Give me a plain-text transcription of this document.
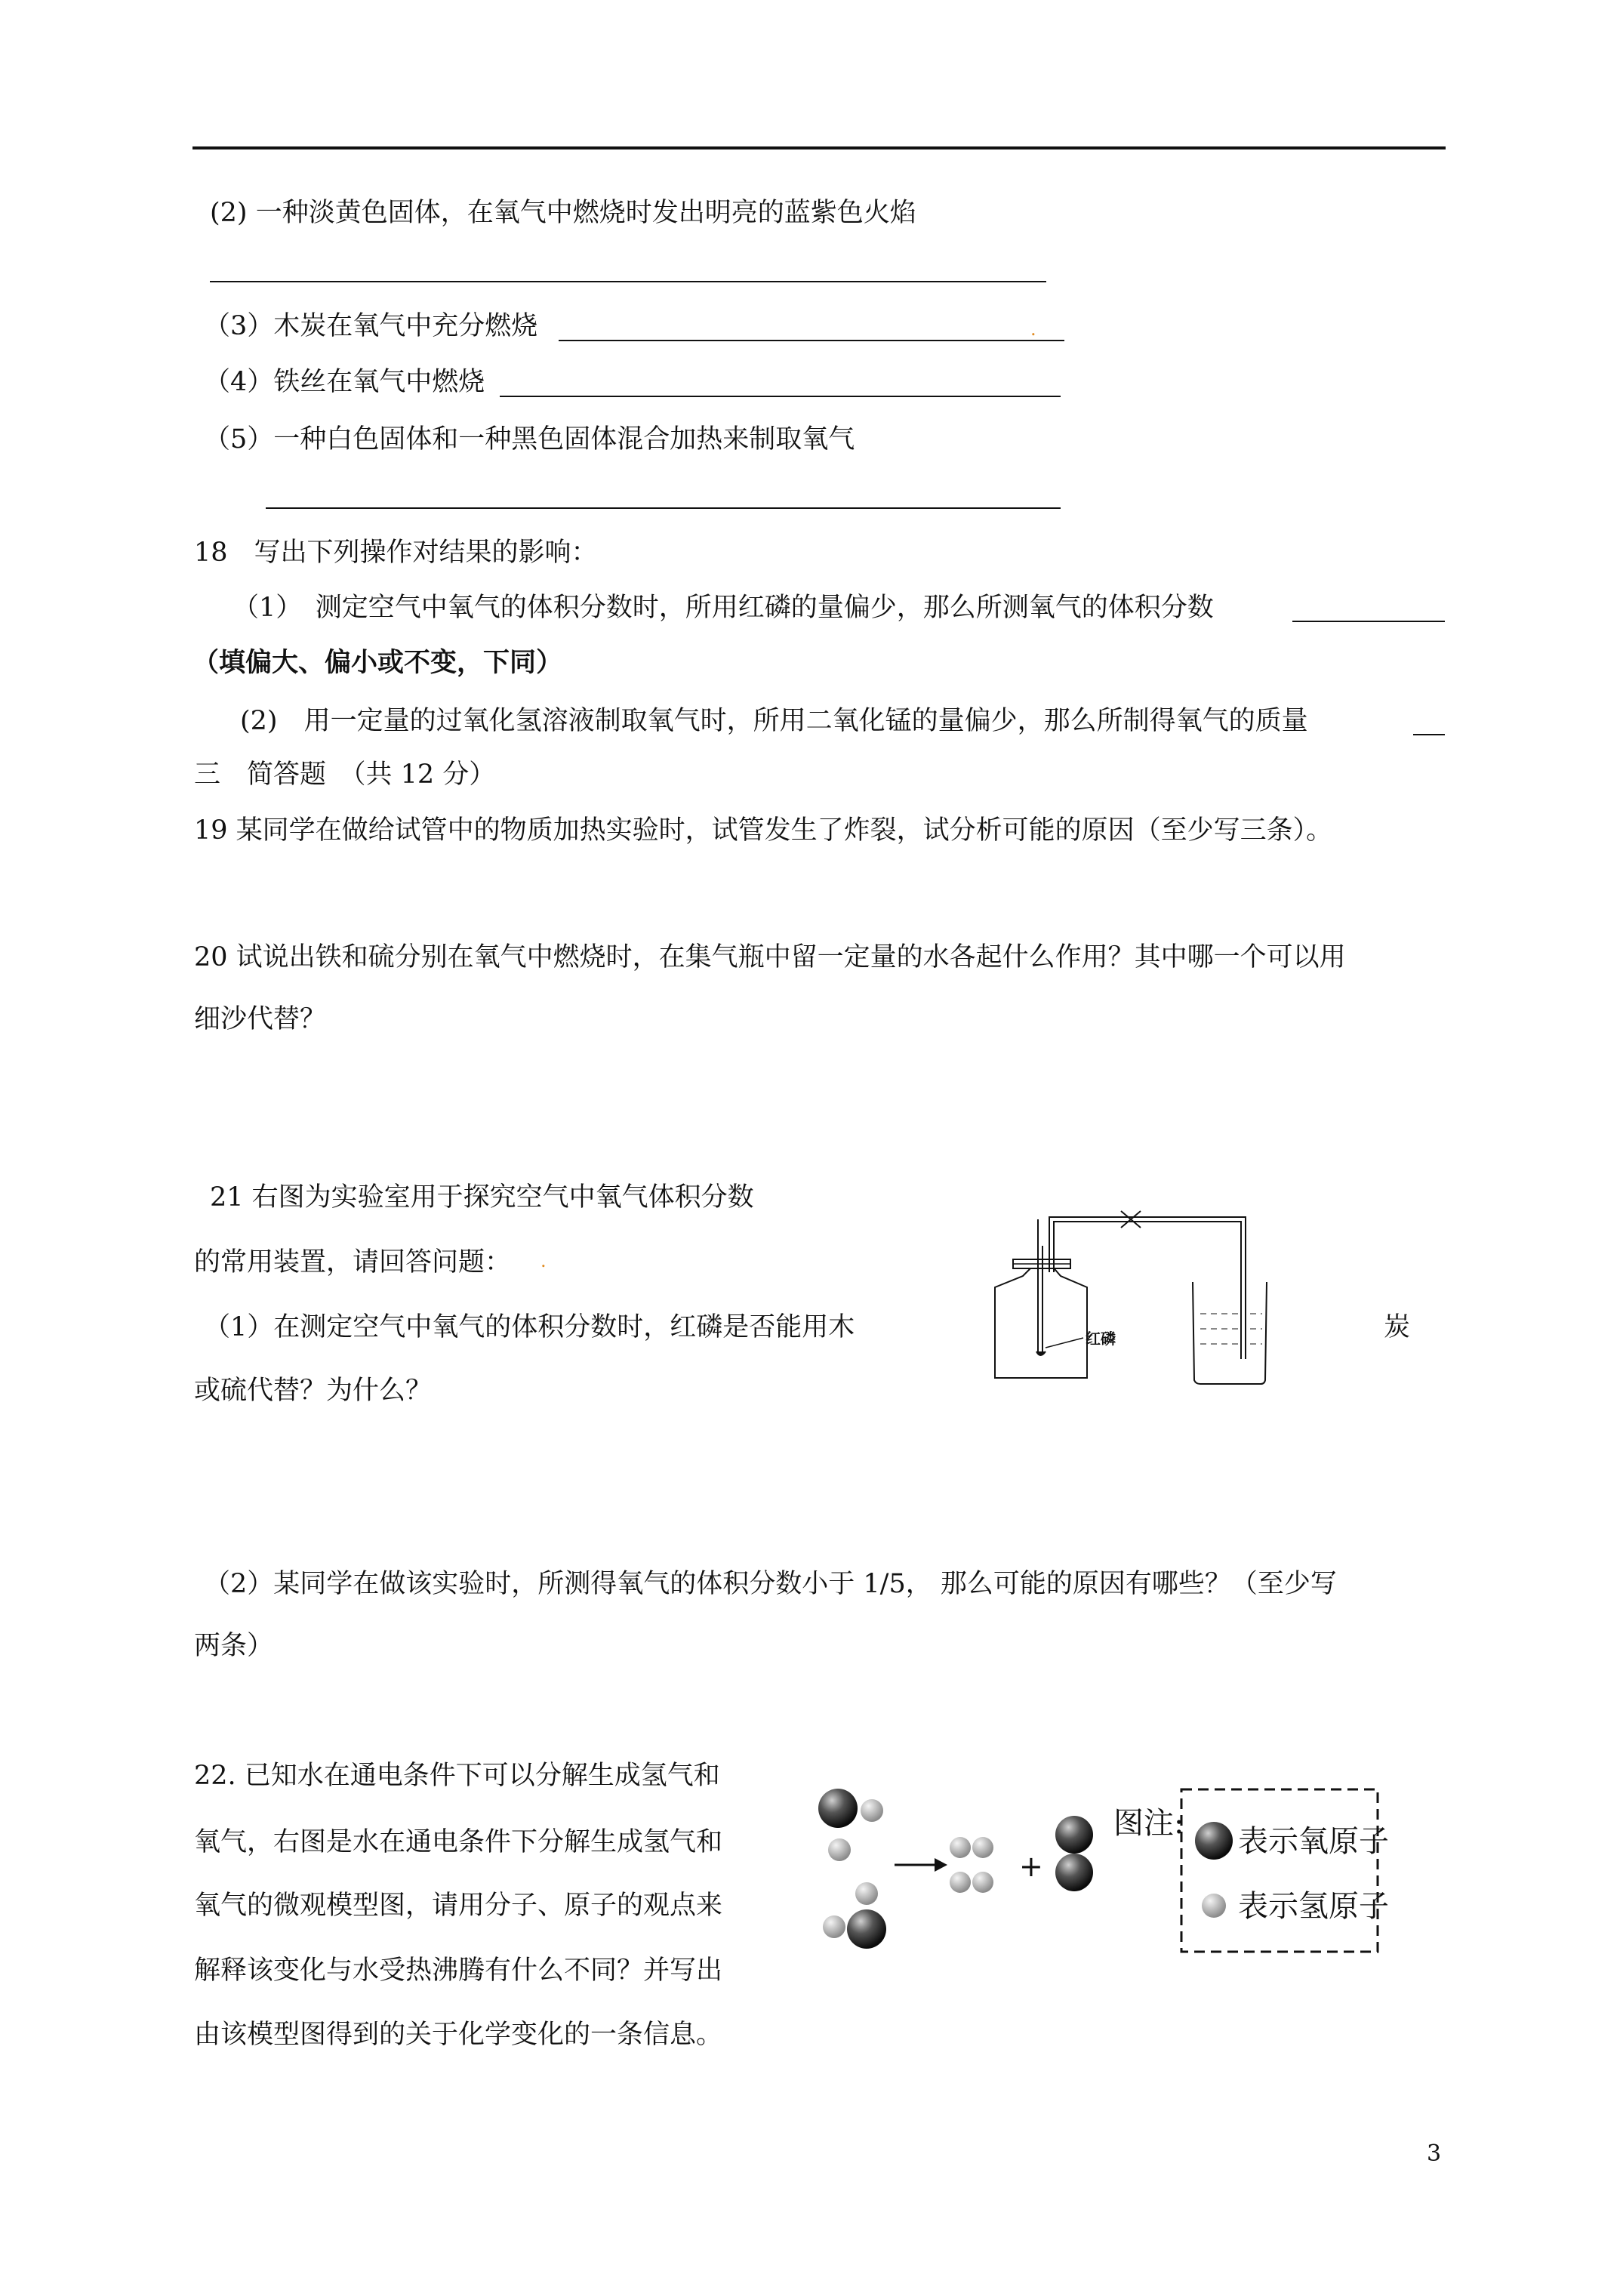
(2) 一种淡黄色固体，在氧气中燃烧时发出明亮的蓝紫色火焰
（3）木炭在氧气中充分燃烧	.
（4）铁丝在氧气中燃烧
（5）一种白色固体和一种黑色固体混合加热来制取氧气
18　写出下列操作对结果的影响：
（1）　测定空气中氧气的体积分数时，所用红磷的量偏少，那么所测氧气的体积分数
（填偏大、偏小或不变，下同）
(2)　用一定量的过氧化氢溶液制取氧气时，所用二氧化锰的量偏少，那么所制得氧气的质量
三　简答题　（共 12 分）
19 某同学在做给试管中的物质加热实验时，试管发生了炸裂，试分析可能的原因（至少写三条）。
20 试说出铁和硫分别在氧气中燃烧时，在集气瓶中留一定量的水各起什么作用？其中哪一个可以用
细沙代替？
21 右图为实验室用于探究空气中氧气体积分数
的常用装置，请回答问题： .
（1）在测定空气中氧气的体积分数时，红磷是否能用木	炭
或硫代替？为什么？
红磷
（2）某同学在做该实验时，所测得氧气的体积分数小于 1/5， 那么可能的原因有哪些？（至少写
两条）
22. 已知水在通电条件下可以分解生成氢气和
氧气，右图是水在通电条件下分解生成氢气和
氧气的微观模型图，请用分子、原子的观点来
解释该变化与水受热沸腾有什么不同？并写出
由该模型图得到的关于化学变化的一条信息。
+
图注:
表示氧原子
表示氢原子
3
